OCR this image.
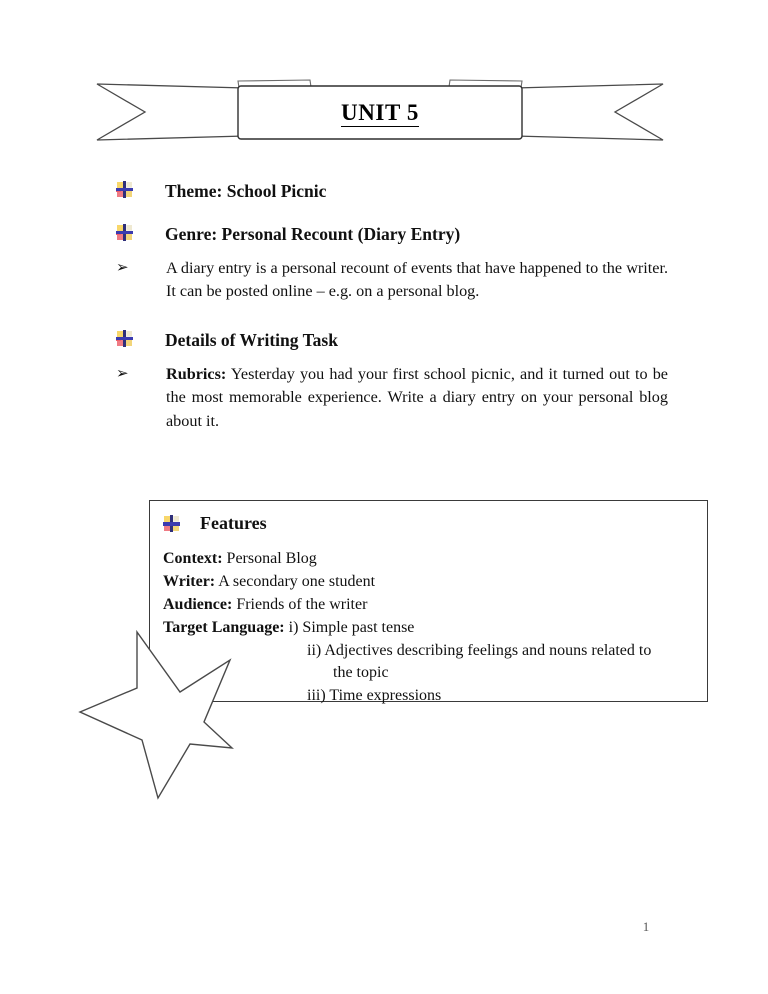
UNIT 5
Theme: School Picnic
Genre: Personal Recount (Diary Entry)
➢ A diary entry is a personal recount of events that have happened to the writer. It can be posted online – e.g. on a personal blog.
Details of Writing Task
➢ Rubrics: Yesterday you had your first school picnic, and it turned out to be the most memorable experience. Write a diary entry on your personal blog about it.
Features
Context: Personal Blog
Writer: A secondary one student
Audience: Friends of the writer
Target Language: i) Simple past tense
ii) Adjectives describing feelings and nouns related to
the topic
iii) Time expressions
1
